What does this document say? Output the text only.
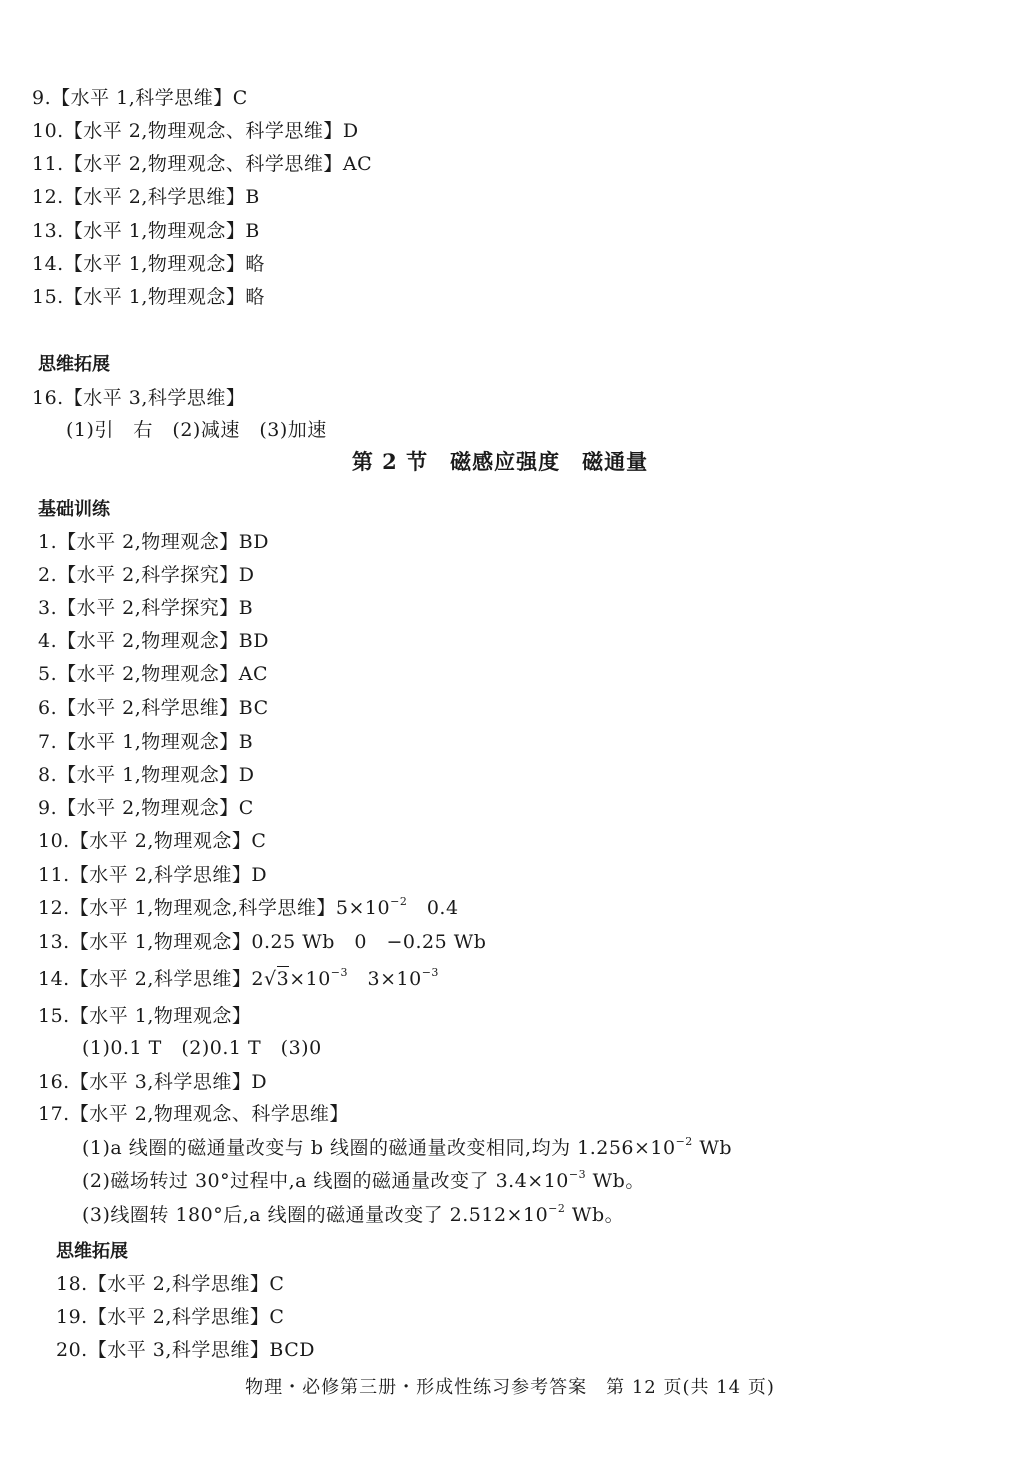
9.【水平 1,科学思维】C
10.【水平 2,物理观念、科学思维】D
11.【水平 2,物理观念、科学思维】AC
12.【水平 2,科学思维】B
13.【水平 1,物理观念】B
14.【水平 1,物理观念】略
15.【水平 1,物理观念】略
思维拓展
16.【水平 3,科学思维】
(1)引　右　(2)减速　(3)加速
第 2 节　磁感应强度　磁通量
基础训练
1.【水平 2,物理观念】BD
2.【水平 2,科学探究】D
3.【水平 2,科学探究】B
4.【水平 2,物理观念】BD
5.【水平 2,物理观念】AC
6.【水平 2,科学思维】BC
7.【水平 1,物理观念】B
8.【水平 1,物理观念】D
9.【水平 2,物理观念】C
10.【水平 2,物理观念】C
11.【水平 2,科学思维】D
12.【水平 1,物理观念,科学思维】$5\times 10^{-2}$　0.4
13.【水平 1,物理观念】0.25 Wb　0　−0.25 Wb
14.【水平 2,科学思维】$2√3\times 10^{-3}$　$3\times 10^{-3}$
15.【水平 1,物理观念】
(1)0.1 T　(2)0.1 T　(3)0
16.【水平 3,科学思维】D
17.【水平 2,物理观念、科学思维】
(1)a 线圈的磁通量改变与 b 线圈的磁通量改变相同,均为 $1.256\times 10^{-2}$ Wb
(2)磁场转过 30°过程中,a 线圈的磁通量改变了 $3.4\times 10^{-3}$ Wb。
(3)线圈转 180°后,a 线圈的磁通量改变了 $2.512\times 10^{-2}$ Wb。
思维拓展
18.【水平 2,科学思维】C
19.【水平 2,科学思维】C
20.【水平 3,科学思维】BCD
物理・必修第三册・形成性练习参考答案　第 12 页(共 14 页)
